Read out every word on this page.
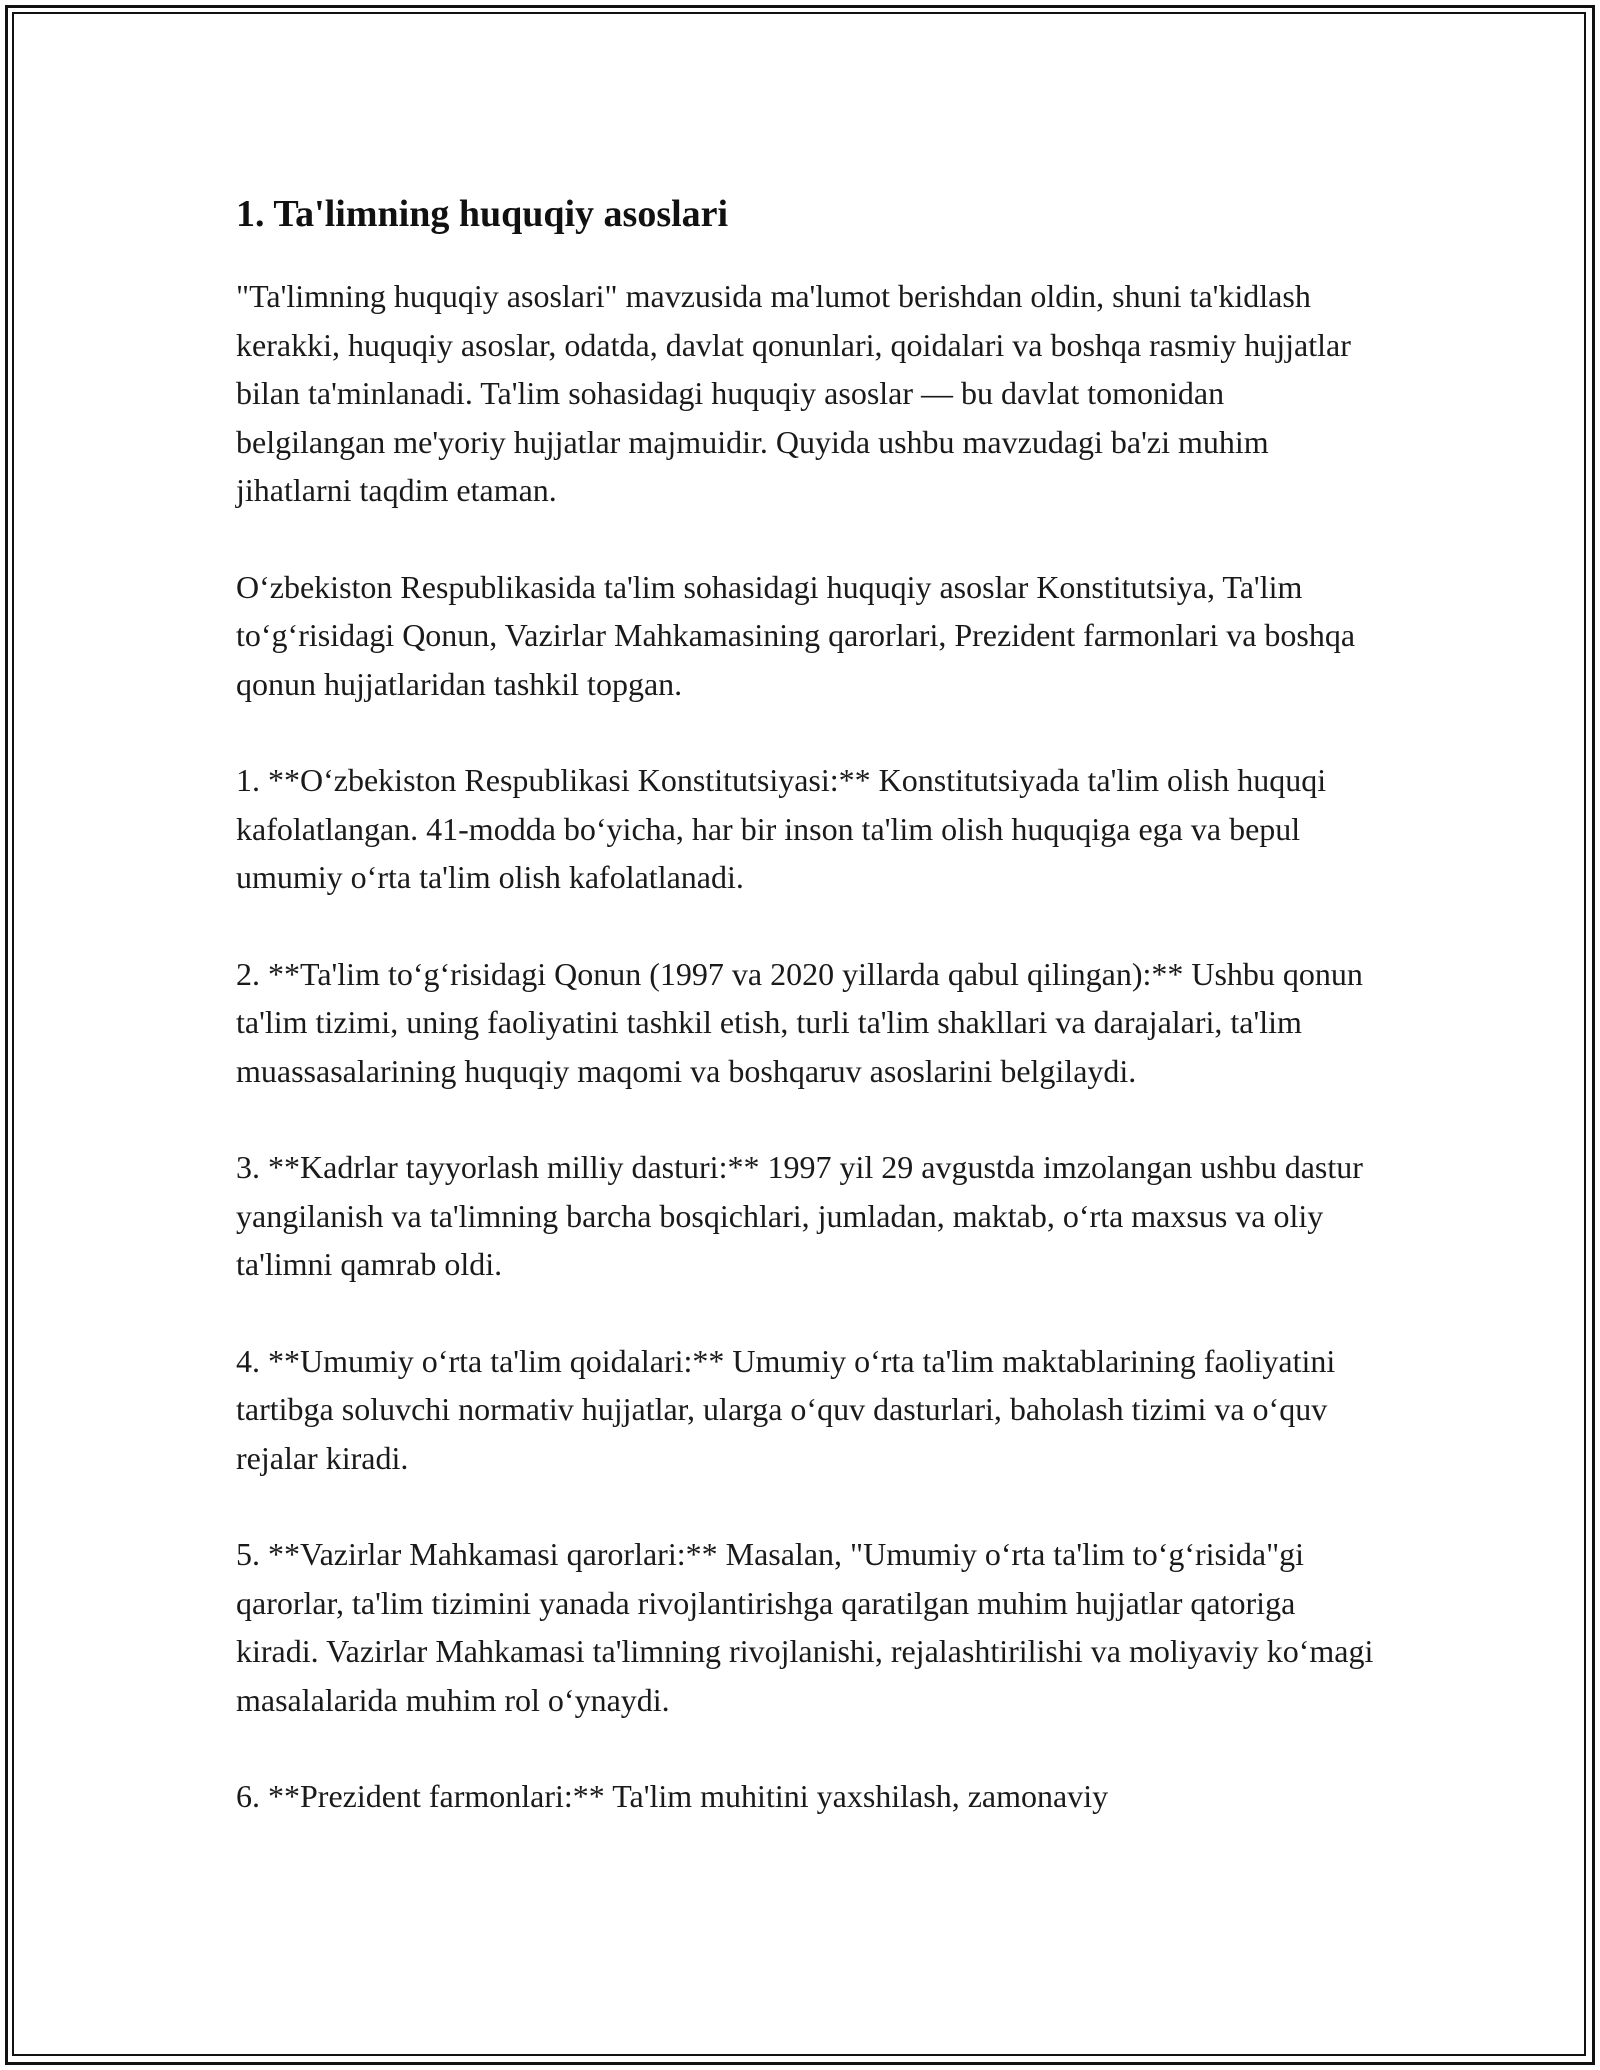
1. Ta'limning huquqiy asoslari

"Ta'limning huquqiy asoslari" mavzusida ma'lumot berishdan oldin, shuni ta'kidlash kerakki, huquqiy asoslar, odatda, davlat qonunlari, qoidalari va boshqa rasmiy hujjatlar bilan ta'minlanadi. Ta'lim sohasidagi huquqiy asoslar — bu davlat tomonidan belgilangan me'yoriy hujjatlar majmuidir. Quyida ushbu mavzudagi ba'zi muhim jihatlarni taqdim etaman.

O‘zbekiston Respublikasida ta'lim sohasidagi huquqiy asoslar Konstitutsiya, Ta'lim to‘g‘risidagi Qonun, Vazirlar Mahkamasining qarorlari, Prezident farmonlari va boshqa qonun hujjatlaridan tashkil topgan.

1. **O‘zbekiston Respublikasi Konstitutsiyasi:** Konstitutsiyada ta'lim olish huquqi kafolatlangan. 41-modda bo‘yicha, har bir inson ta'lim olish huquqiga ega va bepul umumiy o‘rta ta'lim olish kafolatlanadi.

2. **Ta'lim to‘g‘risidagi Qonun (1997 va 2020 yillarda qabul qilingan):** Ushbu qonun ta'lim tizimi, uning faoliyatini tashkil etish, turli ta'lim shakllari va darajalari, ta'lim muassasalarining huquqiy maqomi va boshqaruv asoslarini belgilaydi.

3. **Kadrlar tayyorlash milliy dasturi:** 1997 yil 29 avgustda imzolangan ushbu dastur yangilanish va ta'limning barcha bosqichlari, jumladan, maktab, o‘rta maxsus va oliy ta'limni qamrab oldi.

4. **Umumiy o‘rta ta'lim qoidalari:** Umumiy o‘rta ta'lim maktablarining faoliyatini tartibga soluvchi normativ hujjatlar, ularga o‘quv dasturlari, baholash tizimi va o‘quv rejalar kiradi.

5. **Vazirlar Mahkamasi qarorlari:** Masalan, "Umumiy o‘rta ta'lim to‘g‘risida"gi qarorlar, ta'lim tizimini yanada rivojlantirishga qaratilgan muhim hujjatlar qatoriga kiradi. Vazirlar Mahkamasi ta'limning rivojlanishi, rejalashtirilishi va moliyaviy ko‘magi masalalarida muhim rol o‘ynaydi.

6. **Prezident farmonlari:** Ta'lim muhitini yaxshilash, zamonaviy
